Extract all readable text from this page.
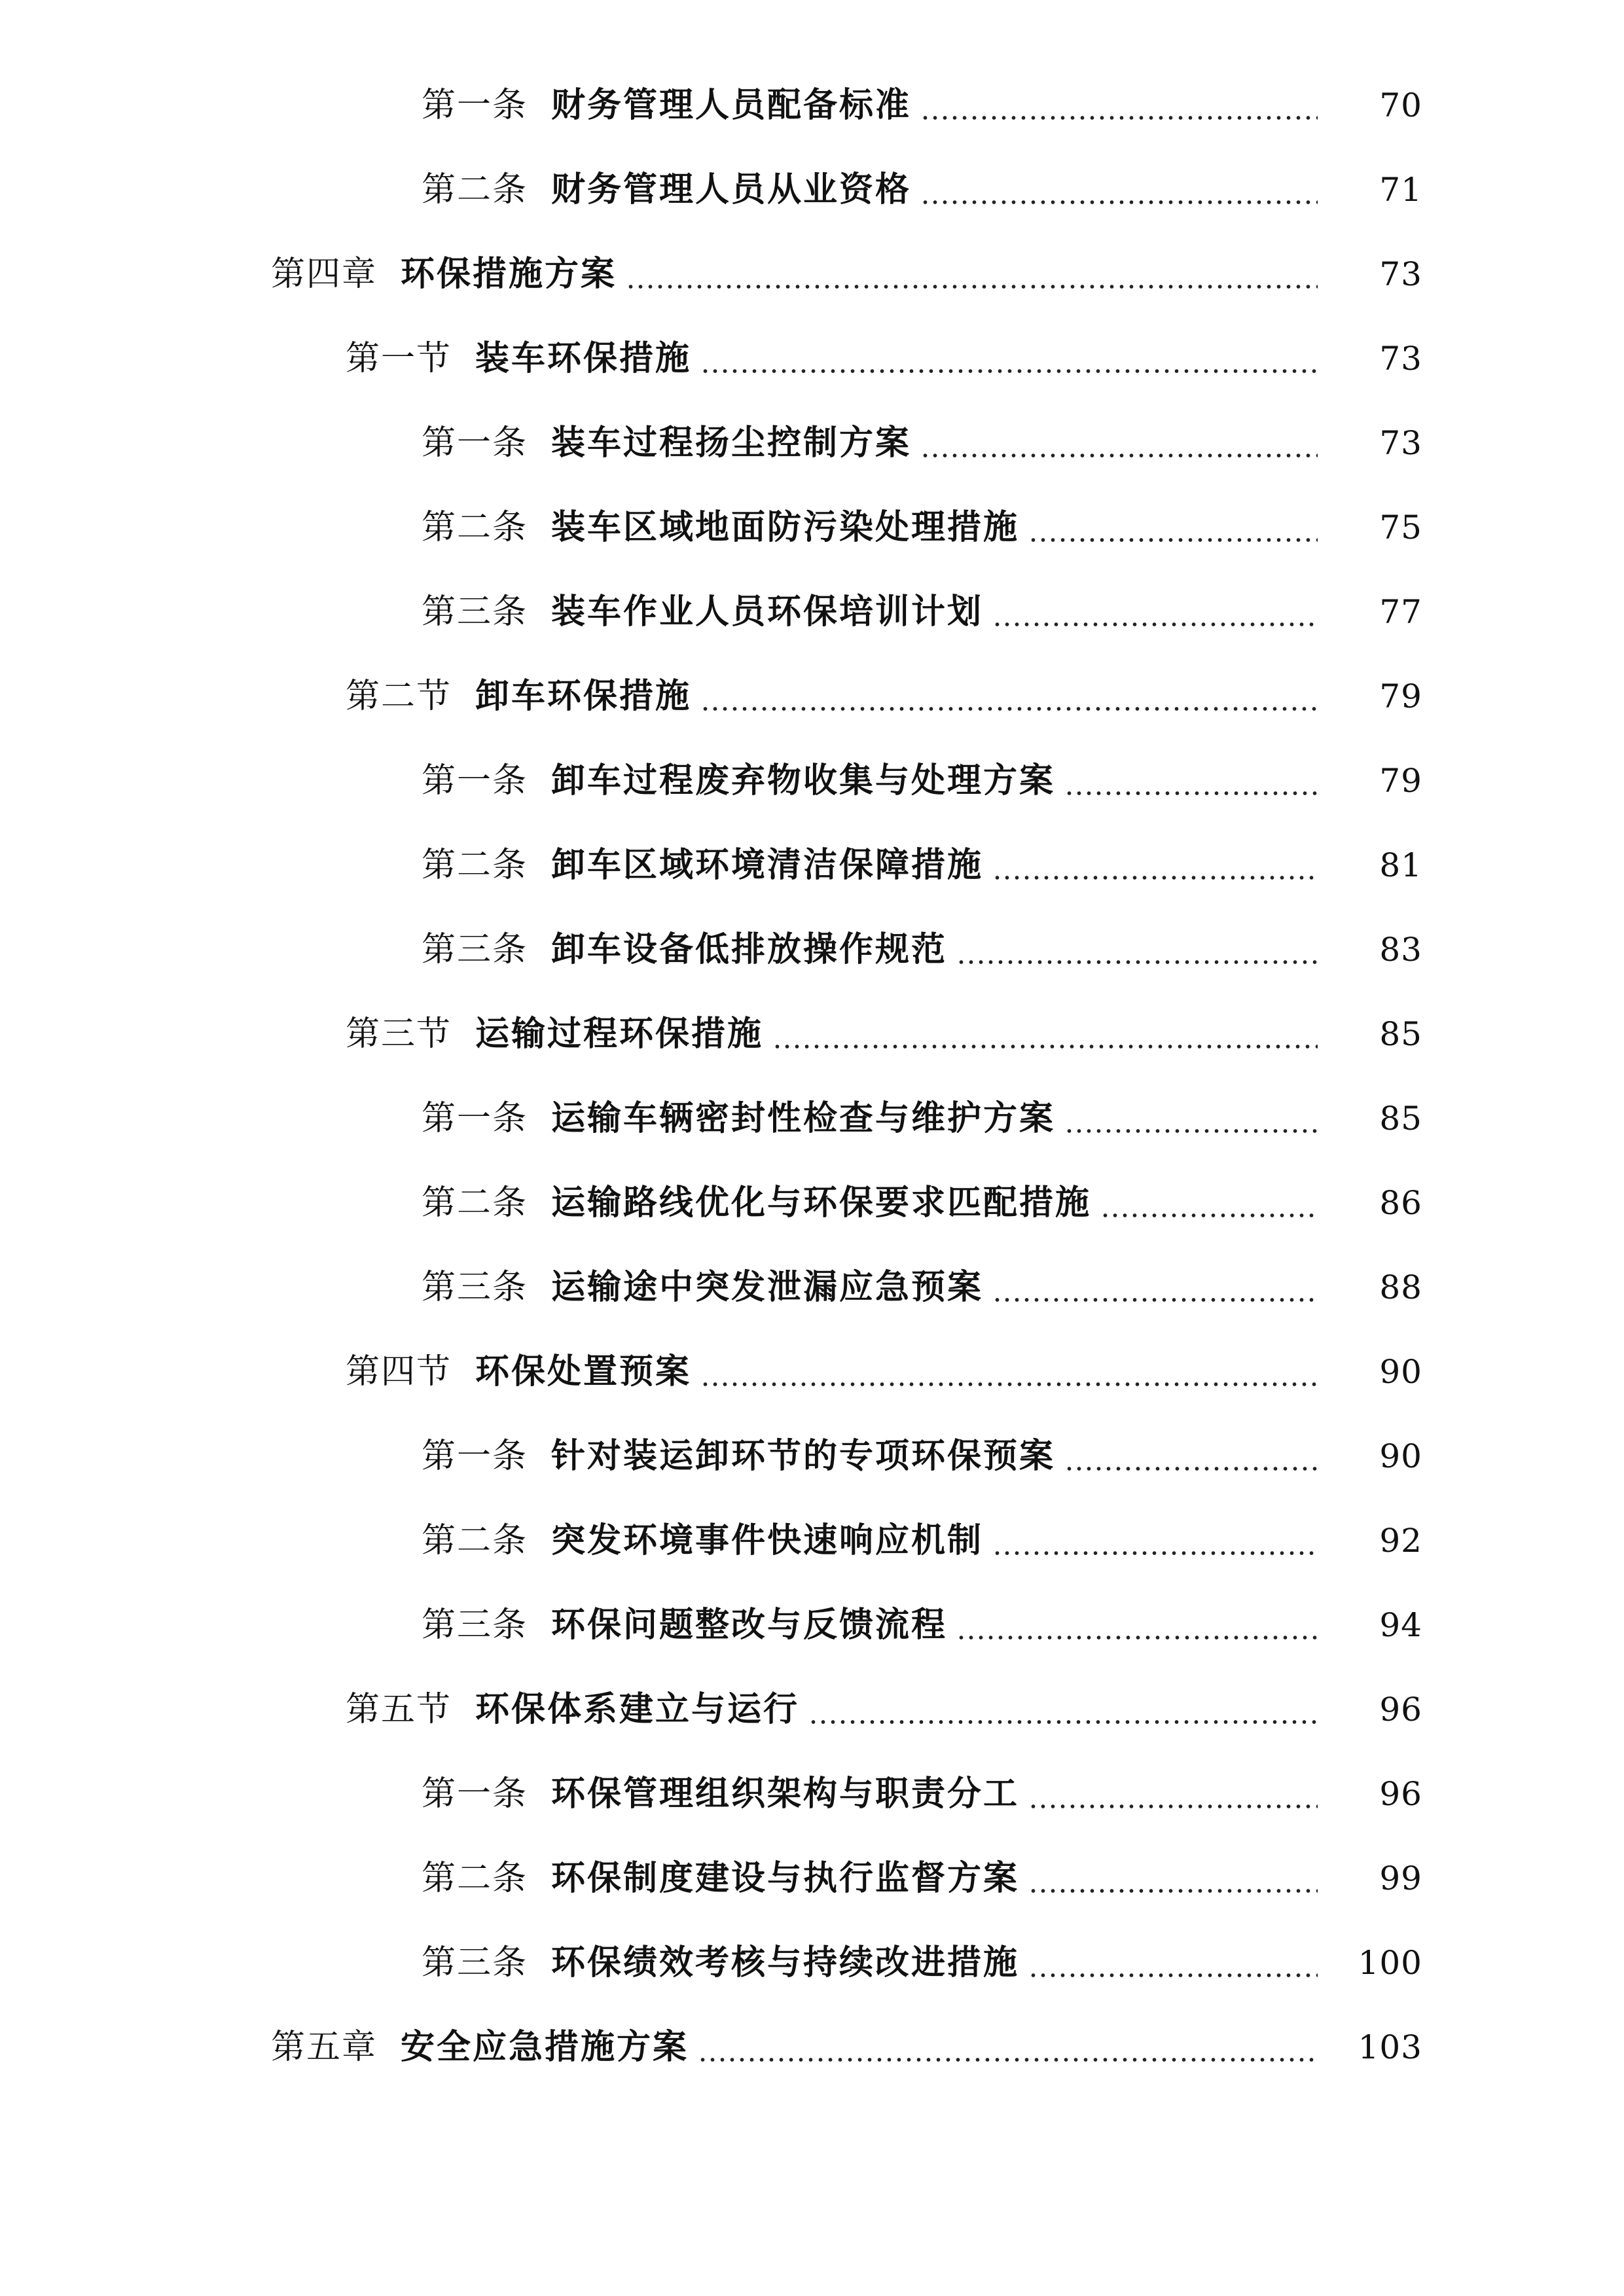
第一条 财务管理人员配备标准	70
第二条 财务管理人员从业资格	71
第四章 环保措施方案	73
第一节 装车环保措施	73
第一条 装车过程扬尘控制方案	73
第二条 装车区域地面防污染处理措施	75
第三条 装车作业人员环保培训计划	77
第二节 卸车环保措施	79
第一条 卸车过程废弃物收集与处理方案	79
第二条 卸车区域环境清洁保障措施	81
第三条 卸车设备低排放操作规范	83
第三节 运输过程环保措施	85
第一条 运输车辆密封性检查与维护方案	85
第二条 运输路线优化与环保要求匹配措施	86
第三条 运输途中突发泄漏应急预案	88
第四节 环保处置预案	90
第一条 针对装运卸环节的专项环保预案	90
第二条 突发环境事件快速响应机制	92
第三条 环保问题整改与反馈流程	94
第五节 环保体系建立与运行	96
第一条 环保管理组织架构与职责分工	96
第二条 环保制度建设与执行监督方案	99
第三条 环保绩效考核与持续改进措施	100
第五章 安全应急措施方案	103
